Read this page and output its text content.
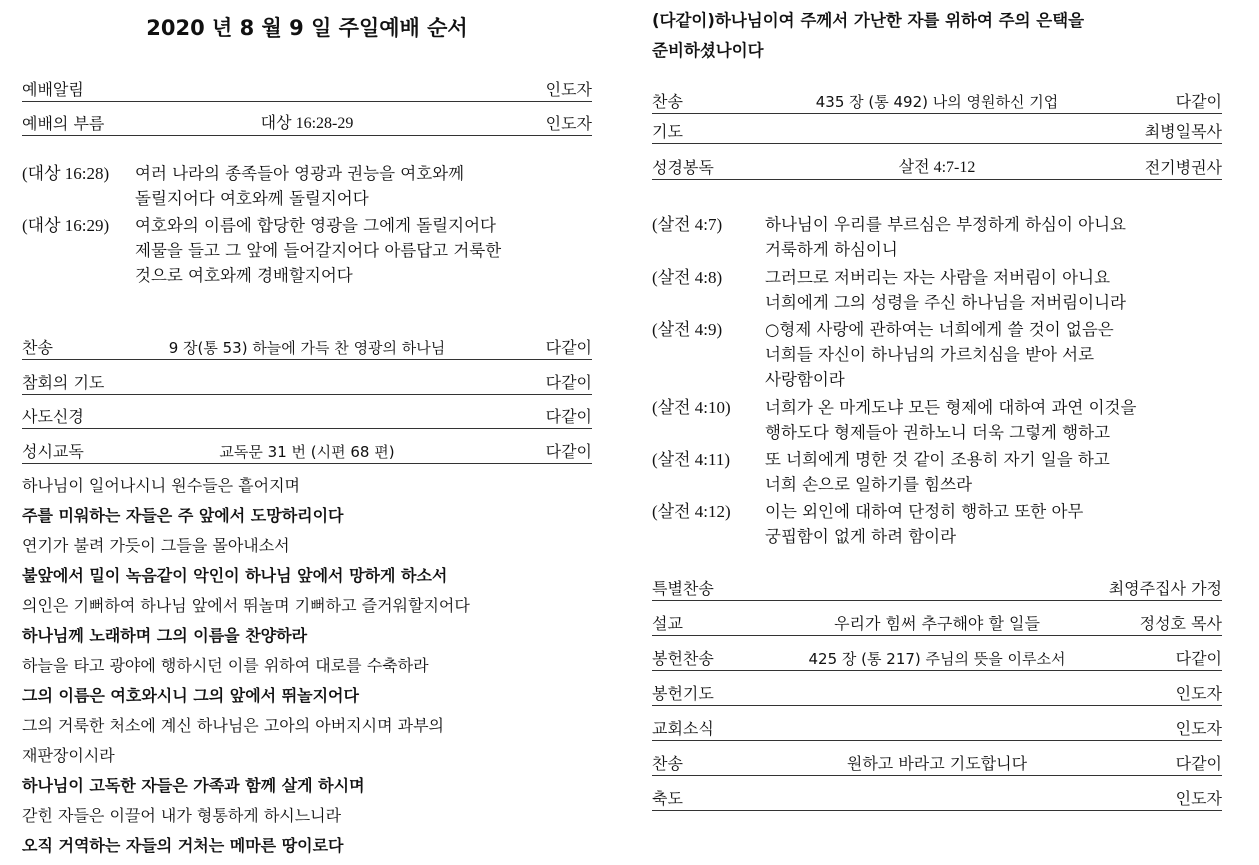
2020 년 8 월 9 일 주일예배 순서
예배알림	인도자
예배의 부름	대상 16:28-29	인도자
(대상 16:28) 여러 나라의 종족들아 영광과 권능을 여호와께
돌릴지어다 여호와께 돌릴지어다
(대상 16:29) 여호와의 이름에 합당한 영광을 그에게 돌릴지어다
제물을 들고 그 앞에 들어갈지어다 아름답고 거룩한
것으로 여호와께 경배할지어다
찬송	9 장(통 53) 하늘에 가득 찬 영광의 하나님	다같이
참회의 기도	다같이
사도신경	다같이
성시교독	교독문 31 번 (시편 68 편)	다같이
하나님이 일어나시니 원수들은 흩어지며
주를 미워하는 자들은 주 앞에서 도망하리이다
연기가 불려 가듯이 그들을 몰아내소서
불앞에서 밀이 녹음같이 악인이 하나님 앞에서 망하게 하소서
의인은 기뻐하여 하나님 앞에서 뛰놀며 기뻐하고 즐거워할지어다
하나님께 노래하며 그의 이름을 찬양하라
하늘을 타고 광야에 행하시던 이를 위하여 대로를 수축하라
그의 이름은 여호와시니 그의 앞에서 뛰놀지어다
그의 거룩한 처소에 계신 하나님은 고아의 아버지시며 과부의
재판장이시라
하나님이 고독한 자들은 가족과 함께 살게 하시며
갇힌 자들은 이끌어 내가 형통하게 하시느니라
오직 거역하는 자들의 거처는 메마른 땅이로다
(다같이)하나님이여 주께서 가난한 자를 위하여 주의 은택을
준비하셨나이다
찬송	435 장 (통 492) 나의 영원하신 기업	다같이
기도	최병일목사
성경봉독	살전 4:7-12	전기병권사
(살전 4:7)	하나님이 우리를 부르심은 부정하게 하심이 아니요
거룩하게 하심이니
(살전 4:8)	그러므로 저버리는 자는 사람을 저버림이 아니요
너희에게 그의 성령을 주신 하나님을 저버림이니라
(살전 4:9)	○형제 사랑에 관하여는 너희에게 쓸 것이 없음은
너희들 자신이 하나님의 가르치심을 받아 서로
사랑함이라
(살전 4:10) 너희가 온 마게도냐 모든 형제에 대하여 과연 이것을
행하도다 형제들아 권하노니 더욱 그렇게 행하고
(살전 4:11) 또 너희에게 명한 것 같이 조용히 자기 일을 하고
너희 손으로 일하기를 힘쓰라
(살전 4:12) 이는 외인에 대하여 단정히 행하고 또한 아무
궁핍함이 없게 하려 함이라
특별찬송	최영주집사 가정
설교	우리가 힘써 추구해야 할 일들	정성호 목사
봉헌찬송	425 장 (통 217) 주님의 뜻을 이루소서	다같이
봉헌기도	인도자
교회소식	인도자
찬송	원하고 바라고 기도합니다	다같이
축도	인도자
